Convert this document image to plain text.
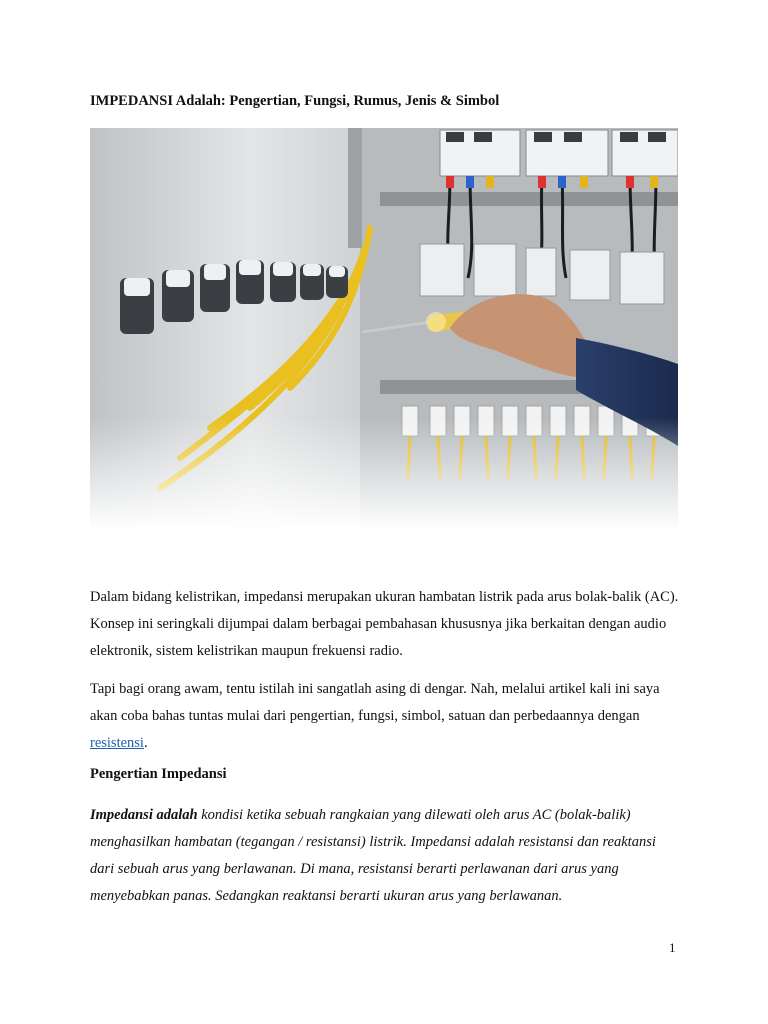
IMPEDANSI Adalah: Pengertian, Fungsi, Rumus, Jenis & Simbol
Dalam bidang kelistrikan, impedansi merupakan ukuran hambatan listrik pada arus bolak-balik (AC). Konsep ini seringkali dijumpai dalam berbagai pembahasan khususnya jika berkaitan dengan audio elektronik, sistem kelistrikan maupun frekuensi radio.
Tapi bagi orang awam, tentu istilah ini sangatlah asing di dengar. Nah, melalui artikel kali ini saya akan coba bahas tuntas mulai dari pengertian, fungsi, simbol, satuan dan perbedaannya dengan resistensi.
Pengertian Impedansi
Impedansi adalah kondisi ketika sebuah rangkaian yang dilewati oleh arus AC (bolak-balik) menghasilkan hambatan (tegangan / resistansi) listrik. Impedansi adalah resistansi dan reaktansi dari sebuah arus yang berlawanan. Di mana, resistansi berarti perlawanan dari arus yang menyebabkan panas. Sedangkan reaktansi berarti ukuran arus yang berlawanan.
1
